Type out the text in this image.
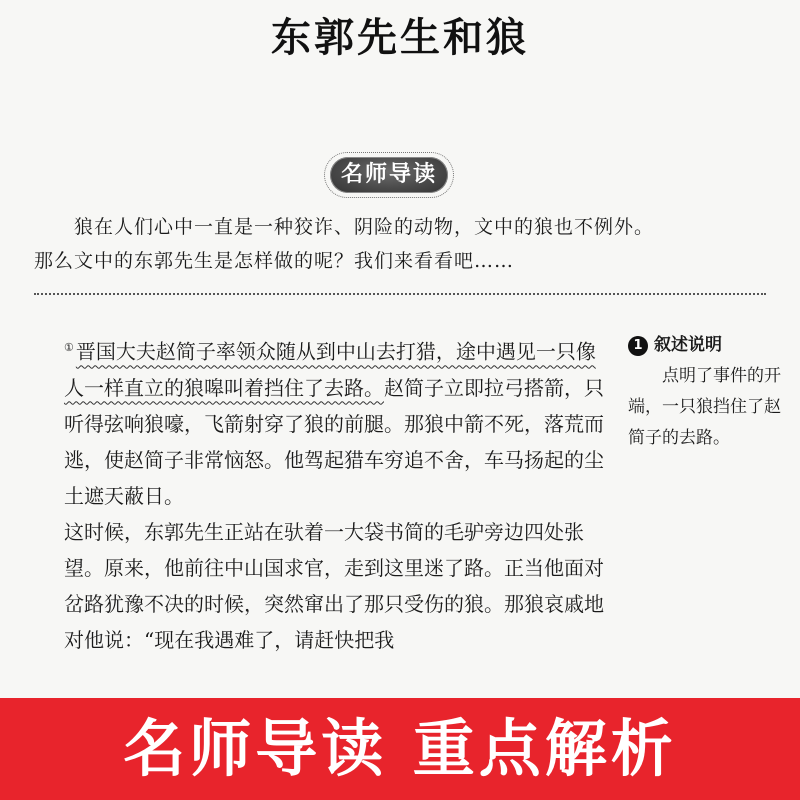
东郭先生和狼
名师导读

狼在人们心中一直是一种狡诈、阴险的动物，文中的狼也不例外。

那么文中的东郭先生是怎样做的呢？我们来看看吧……

① 晋国大夫赵简子率领众随从到中山去打猎，途中遇见一只像人一样直立的狼嗥叫着挡住了去路。赵简子立即拉弓搭箭，只听得弦响狼嚎，飞箭射穿了狼的前腿。那狼中箭不死，落荒而逃，使赵简子非常恼怒。他驾起猎车穷追不舍，车马扬起的尘土遮天蔽日。

这时候，东郭先生正站在驮着一大袋书简的毛驴旁边四处张望。原来，他前往中山国求官，走到这里迷了路。正当他面对岔路犹豫不决的时候，突然窜出了那只受伤的狼。那狼哀戚地对他说：“现在我遇难了，请赶快把我

1 叙述说明
点明了事件的开端，一只狼挡住了赵简子的去路。
名师导读 重点解析
